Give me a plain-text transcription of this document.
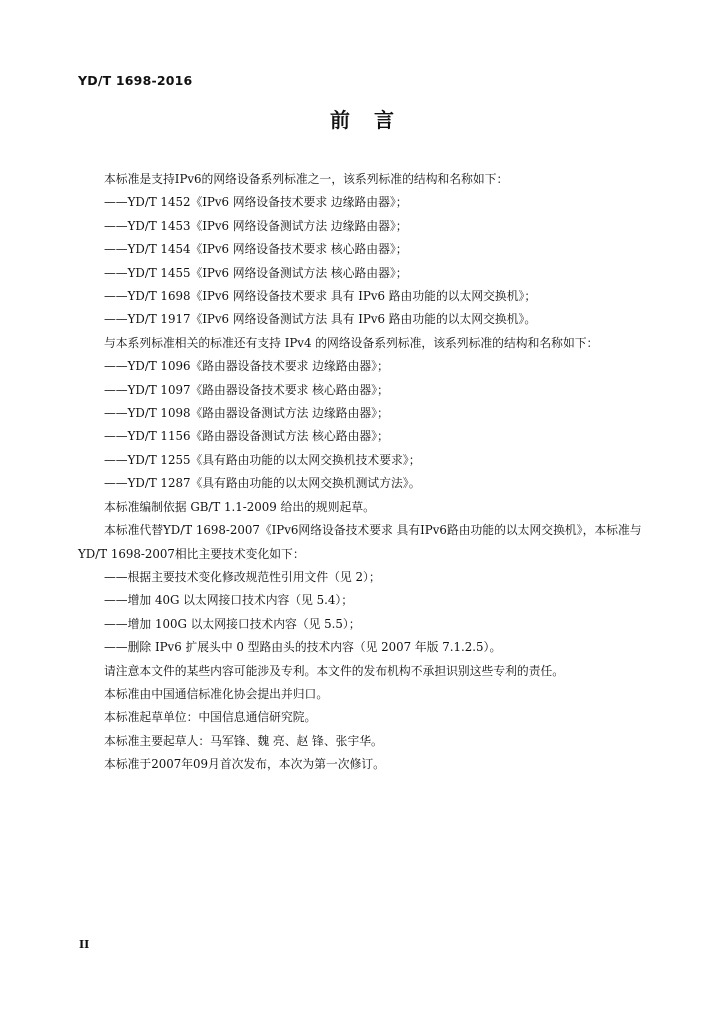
YD/T 1698-2016
前 言

本标准是支持IPv6的网络设备系列标准之一，该系列标准的结构和名称如下：

——YD/T 1452《IPv6 网络设备技术要求 边缘路由器》；

——YD/T 1453《IPv6 网络设备测试方法 边缘路由器》；

——YD/T 1454《IPv6 网络设备技术要求 核心路由器》；

——YD/T 1455《IPv6 网络设备测试方法 核心路由器》；

——YD/T 1698《IPv6 网络设备技术要求 具有 IPv6 路由功能的以太网交换机》；

——YD/T 1917《IPv6 网络设备测试方法 具有 IPv6 路由功能的以太网交换机》。

与本系列标准相关的标准还有支持 IPv4 的网络设备系列标准，该系列标准的结构和名称如下：

——YD/T 1096《路由器设备技术要求 边缘路由器》；

——YD/T 1097《路由器设备技术要求 核心路由器》；

——YD/T 1098《路由器设备测试方法 边缘路由器》；

——YD/T 1156《路由器设备测试方法 核心路由器》；

——YD/T 1255《具有路由功能的以太网交换机技术要求》；

——YD/T 1287《具有路由功能的以太网交换机测试方法》。

本标准编制依据 GB/T 1.1-2009 给出的规则起草。

本标准代替YD/T 1698-2007《IPv6网络设备技术要求 具有IPv6路由功能的以太网交换机》，本标准与YD/T 1698-2007相比主要技术变化如下：

——根据主要技术变化修改规范性引用文件（见 2）；

——增加 40G 以太网接口技术内容（见 5.4）；

——增加 100G 以太网接口技术内容（见 5.5）；

——删除 IPv6 扩展头中 0 型路由头的技术内容（见 2007 年版 7.1.2.5）。

请注意本文件的某些内容可能涉及专利。本文件的发布机构不承担识别这些专利的责任。

本标准由中国通信标准化协会提出并归口。

本标准起草单位：中国信息通信研究院。

本标准主要起草人：马军锋、魏 亮、赵 锋、张宇华。

本标准于2007年09月首次发布，本次为第一次修订。

II
